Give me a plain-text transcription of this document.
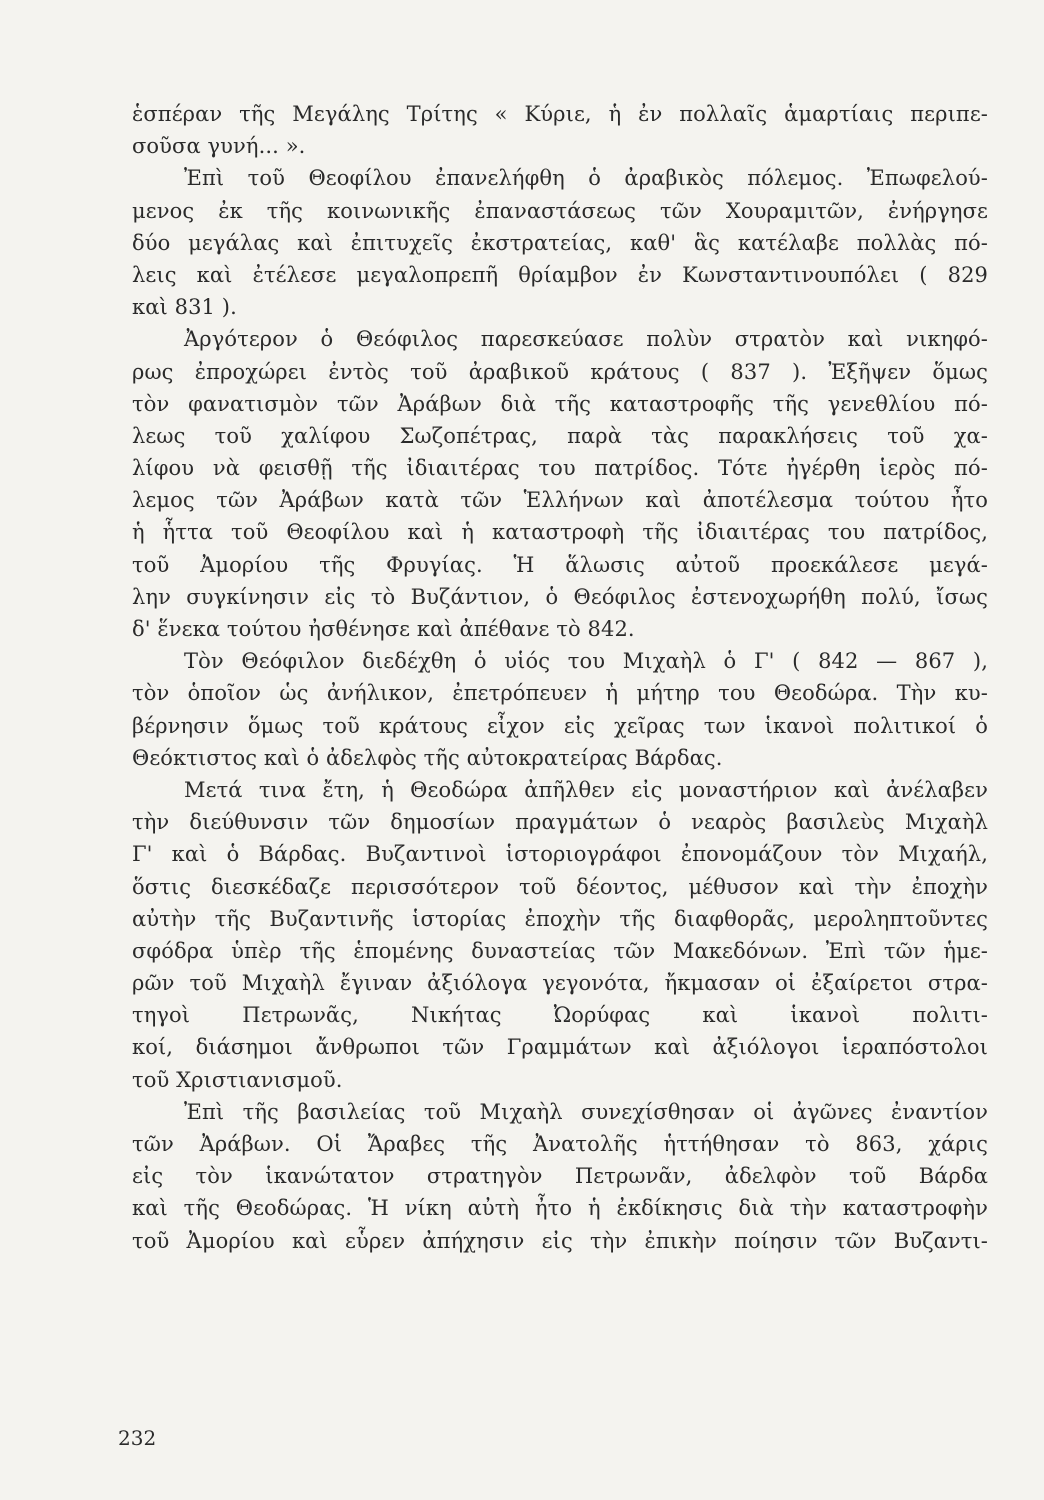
ἑσπέραν τῆς Μεγάλης Τρίτης « Κύριε, ἡ ἐν πολλαῖς ἁμαρτίαις περιπε-
σοῦσα γυνή... ».
Ἐπὶ τοῦ Θεοφίλου ἐπανελήφθη ὁ ἀραβικὸς πόλεμος. Ἐπωφελού-
μενος ἐκ τῆς κοινωνικῆς ἐπαναστάσεως τῶν Χουραμιτῶν, ἐνήργησε
δύο μεγάλας καὶ ἐπιτυχεῖς ἐκστρατείας, καθ' ἃς κατέλαβε πολλὰς πό-
λεις καὶ ἐτέλεσε μεγαλοπρεπῆ θρίαμβον ἐν Κωνσταντινουπόλει ( 829
καὶ 831 ).
Ἀργότερον ὁ Θεόφιλος παρεσκεύασε πολὺν στρατὸν καὶ νικηφό-
ρως ἐπροχώρει ἐντὸς τοῦ ἀραβικοῦ κράτους ( 837 ). Ἐξῆψεν ὅμως
τὸν φανατισμὸν τῶν Ἀράβων διὰ τῆς καταστροφῆς τῆς γενεθλίου πό-
λεως τοῦ χαλίφου Σωζοπέτρας, παρὰ τὰς παρακλήσεις τοῦ χα-
λίφου νὰ φεισθῇ τῆς ἰδιαιτέρας του πατρίδος. Τότε ἠγέρθη ἱερὸς πό-
λεμος τῶν Ἀράβων κατὰ τῶν Ἑλλήνων καὶ ἀποτέλεσμα τούτου ἦτο
ἡ ἧττα τοῦ Θεοφίλου καὶ ἡ καταστροφὴ τῆς ἰδιαιτέρας του πατρίδος,
τοῦ Ἀμορίου τῆς Φρυγίας. Ἡ ἅλωσις αὐτοῦ προεκάλεσε μεγά-
λην συγκίνησιν εἰς τὸ Βυζάντιον, ὁ Θεόφιλος ἐστενοχωρήθη πολύ, ἴσως
δ' ἕνεκα τούτου ἠσθένησε καὶ ἀπέθανε τὸ 842.
Τὸν Θεόφιλον διεδέχθη ὁ υἱός του Μιχαὴλ ὁ Γ' ( 842 — 867 ),
τὸν ὁποῖον ὡς ἀνήλικον, ἐπετρόπευεν ἡ μήτηρ του Θεοδώρα. Τὴν κυ-
βέρνησιν ὅμως τοῦ κράτους εἶχον εἰς χεῖρας των ἱκανοὶ πολιτικοί ὁ
Θεόκτιστος καὶ ὁ ἀδελφὸς τῆς αὐτοκρατείρας Βάρδας.
Μετά τινα ἔτη, ἡ Θεοδώρα ἀπῆλθεν εἰς μοναστήριον καὶ ἀνέλαβεν
τὴν διεύθυνσιν τῶν δημοσίων πραγμάτων ὁ νεαρὸς βασιλεὺς Μιχαὴλ
Γ' καὶ ὁ Βάρδας. Βυζαντινοὶ ἱστοριογράφοι ἐπονομάζουν τὸν Μιχαήλ,
ὅστις διεσκέδαζε περισσότερον τοῦ δέοντος, μέθυσον καὶ τὴν ἐποχὴν
αὐτὴν τῆς Βυζαντινῆς ἱστορίας ἐποχὴν τῆς διαφθορᾶς, μεροληπτοῦντες
σφόδρα ὑπὲρ τῆς ἑπομένης δυναστείας τῶν Μακεδόνων. Ἐπὶ τῶν ἡμε-
ρῶν τοῦ Μιχαὴλ ἔγιναν ἀξιόλογα γεγονότα, ἤκμασαν οἱ ἐξαίρετοι στρα-
τηγοὶ Πετρωνᾶς, Νικήτας Ὠορύφας καὶ ἱκανοὶ πολιτι-
κοί, διάσημοι ἄνθρωποι τῶν Γραμμάτων καὶ ἀξιόλογοι ἱεραπόστολοι
τοῦ Χριστιανισμοῦ.
Ἐπὶ τῆς βασιλείας τοῦ Μιχαὴλ συνεχίσθησαν οἱ ἀγῶνες ἐναντίον
τῶν Ἀράβων. Οἱ Ἄραβες τῆς Ἀνατολῆς ἡττήθησαν τὸ 863, χάρις
εἰς τὸν ἱκανώτατον στρατηγὸν Πετρωνᾶν, ἀδελφὸν τοῦ Βάρδα
καὶ τῆς Θεοδώρας. Ἡ νίκη αὐτὴ ἦτο ἡ ἐκδίκησις διὰ τὴν καταστροφὴν
τοῦ Ἀμορίου καὶ εὗρεν ἀπήχησιν εἰς τὴν ἐπικὴν ποίησιν τῶν Βυζαντι-
232
